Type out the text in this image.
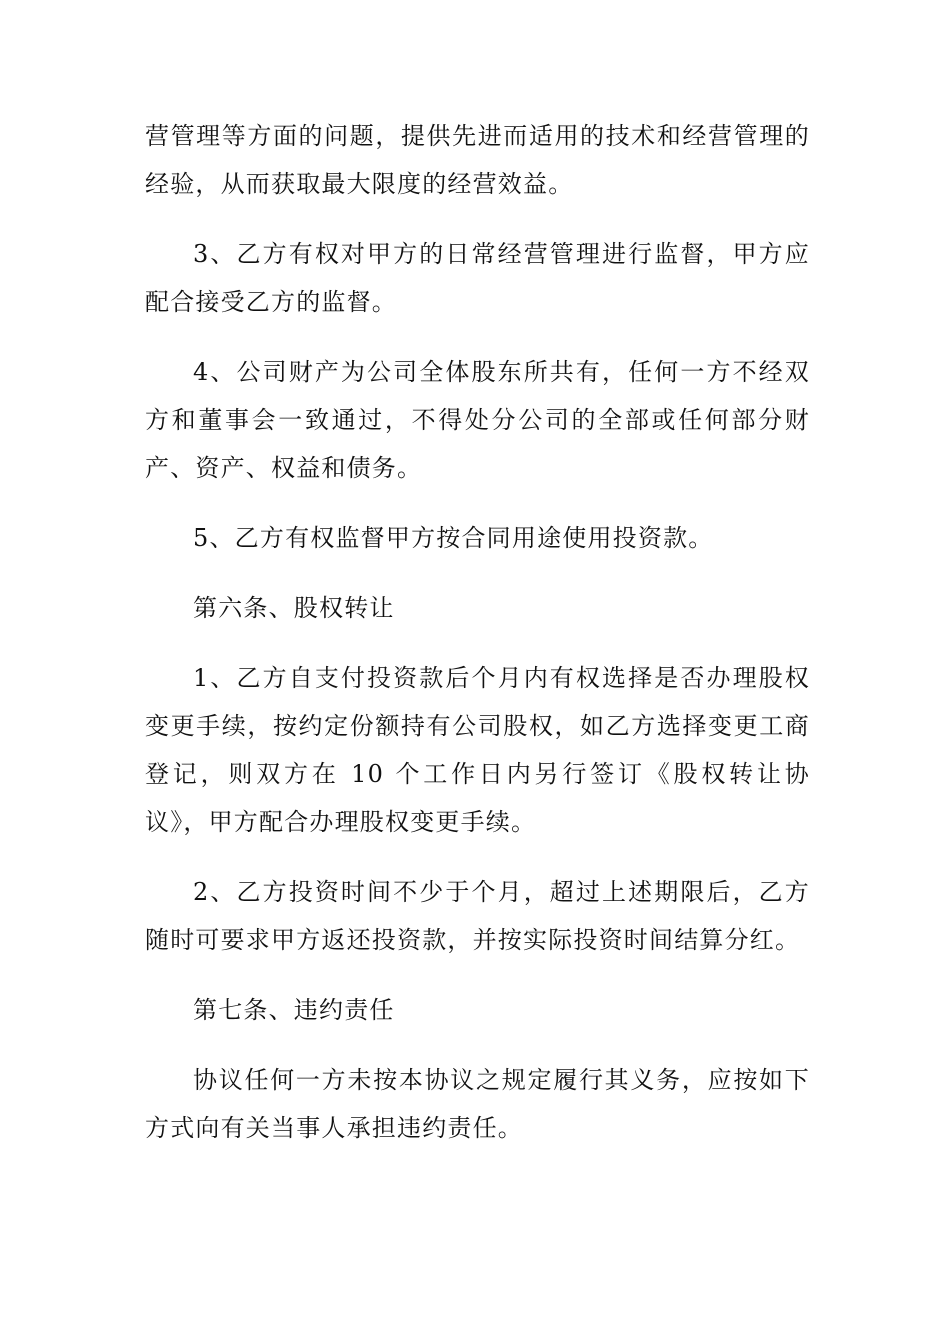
营管理等方面的问题，提供先进而适用的技术和经营管理的经验，从而获取最大限度的经营效益。

3、乙方有权对甲方的日常经营管理进行监督，甲方应配合接受乙方的监督。

4、公司财产为公司全体股东所共有，任何一方不经双方和董事会一致通过，不得处分公司的全部或任何部分财产、资产、权益和债务。

5、乙方有权监督甲方按合同用途使用投资款。

第六条、股权转让

1、乙方自支付投资款后个月内有权选择是否办理股权变更手续，按约定份额持有公司股权，如乙方选择变更工商登记，则双方在 10 个工作日内另行签订《股权转让协议》，甲方配合办理股权变更手续。

2、乙方投资时间不少于个月，超过上述期限后，乙方随时可要求甲方返还投资款，并按实际投资时间结算分红。

第七条、违约责任

协议任何一方未按本协议之规定履行其义务，应按如下方式向有关当事人承担违约责任。
